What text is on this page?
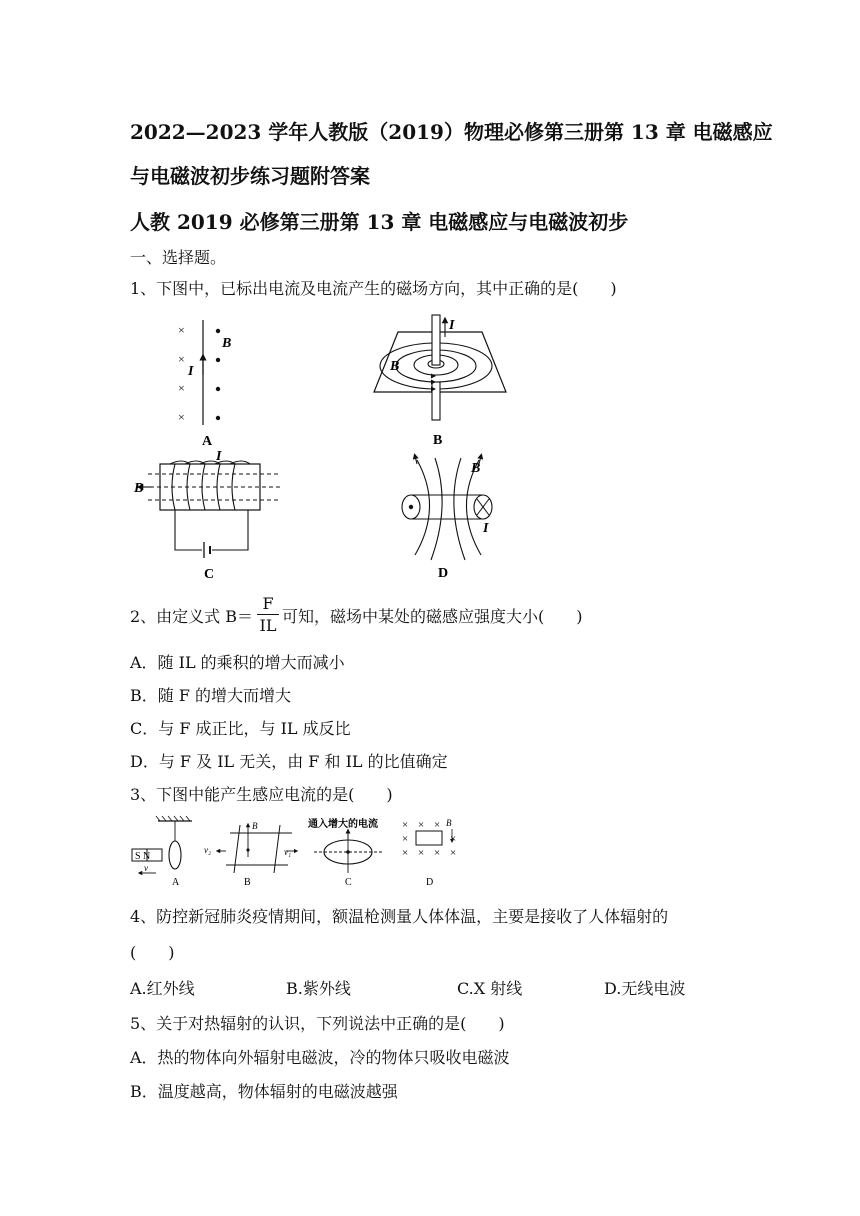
2022—2023 学年人教版（2019）物理必修第三册第 13 章 电磁感应
与电磁波初步练习题附答案
人教 2019 必修第三册第 13 章 电磁感应与电磁波初步
一、选择题。
1、下图中，已标出电流及电流产生的磁场方向，其中正确的是(　　)
×
×
×
×
I
B
A
I
B
B
B
I
C
B
I
D
2、由定义式 B＝
F
IL 可知，磁场中某处的磁感应强度大小(　　)
A．随 IL 的乘积的增大而减小
B．随 F 的增大而增大
C．与 F 成正比，与 IL 成反比
D．与 F 及 IL 无关，由 F 和 IL 的比值确定
3、下图中能产生感应电流的是(　　)
S N
v
A
B
v₂	v₁
B
通入增大的电流
C
× × ×
×	×
× × × ×
B
D
4、防控新冠肺炎疫情期间，额温枪测量人体体温，主要是接收了人体辐射的
(　　)
A.红外线	B.紫外线	C.X 射线	D.无线电波
5、关于对热辐射的认识，下列说法中正确的是(　　)
A．热的物体向外辐射电磁波，冷的物体只吸收电磁波
B．温度越高，物体辐射的电磁波越强
